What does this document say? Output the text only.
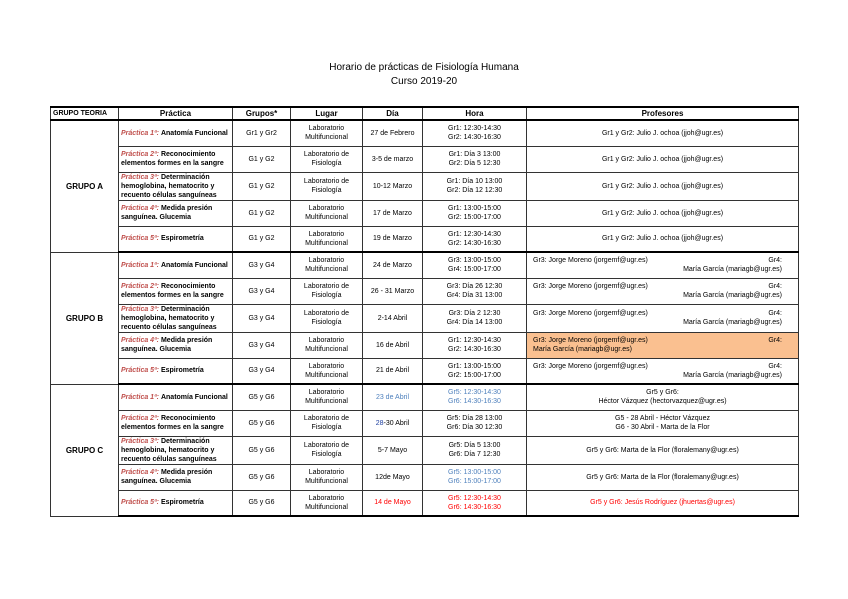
Horario de prácticas de Fisiología Humana
Curso 2019-20
GRUPO TEORIA	Práctica	Grupos*	Lugar	Día	Hora	Profesores
GRUPO A	Práctica 1ª: Anatomía Funcional	Gr1 y Gr2	Laboratorio Multifuncional	27 de Febrero	Gr1: 12:30-14:30
Gr2: 14:30-16:30	Gr1 y Gr2: Julio J. ochoa (jjoh@ugr.es)
	Práctica 2ª: Reconocimiento elementos formes en la sangre	G1 y G2	Laboratorio de Fisiología	3-5 de marzo	Gr1: Día 3 13:00
Gr2: Día 5 12:30	Gr1 y Gr2: Julio J. ochoa (jjoh@ugr.es)
	Práctica 3ª: Determinación hemoglobina, hematocrito y recuento células sanguíneas	G1 y G2	Laboratorio de Fisiología	10-12 Marzo	Gr1: Día 10 13:00
Gr2: Día 12 12:30	Gr1 y Gr2: Julio J. ochoa (jjoh@ugr.es)
	Práctica 4ª: Medida presión sanguínea. Glucemia	G1 y G2	Laboratorio Multifuncional	17 de Marzo	Gr1: 13:00-15:00
Gr2: 15:00-17:00	Gr1 y Gr2: Julio J. ochoa (jjoh@ugr.es)
	Práctica 5ª: Espirometría	G1 y G2	Laboratorio Multifuncional	19 de Marzo	Gr1: 12:30-14:30
Gr2: 14:30-16:30	Gr1 y Gr2: Julio J. ochoa (jjoh@ugr.es)
GRUPO B	Práctica 1ª: Anatomía Funcional	G3 y G4	Laboratorio Multifuncional	24 de Marzo	Gr3: 13:00-15:00
Gr4: 15:00-17:00	Gr3: Jorge Moreno (jorgemf@ugr.es) Gr4:
María García (mariagb@ugr.es)

	Práctica 2ª: Reconocimiento elementos formes en la sangre	G3 y G4	Laboratorio de Fisiología	26 - 31 Marzo	Gr3: Día 26 12:30
Gr4: Día 31 13:00	Gr3: Jorge Moreno (jorgemf@ugr.es) Gr4:
María García (mariagb@ugr.es)

	Práctica 3ª: Determinación hemoglobina, hematocrito y recuento células sanguíneas	G3 y G4	Laboratorio de Fisiología	2-14 Abril	Gr3: Día 2 12:30
Gr4: Día 14 13:00	Gr3: Jorge Moreno (jorgemf@ugr.es) Gr4:
María García (mariagb@ugr.es)

	Práctica 4ª: Medida presión sanguínea. Glucemia	G3 y G4	Laboratorio Multifuncional	16 de Abril	Gr1: 12:30-14:30
Gr2: 14:30-16:30	Gr3: Jorge Moreno (jorgemf@ugr.es) Gr4:
María García (mariagb@ugr.es)

	Práctica 5ª: Espirometría	G3 y G4	Laboratorio Multifuncional	21 de Abril	Gr1: 13:00-15:00
Gr2: 15:00-17:00	Gr3: Jorge Moreno (jorgemf@ugr.es) Gr4:
María García (mariagb@ugr.es)

GRUPO C	Práctica 1ª: Anatomía Funcional	G5 y G6	Laboratorio Multifuncional	23 de Abril	Gr5: 12:30-14:30
Gr6: 14:30-16:30	Gr5 y Gr6:
Héctor Vázquez (hectorvazquez@ugr.es)

	Práctica 2ª: Reconocimiento elementos formes en la sangre	G5 y G6	Laboratorio de Fisiología	28-30 Abril	Gr5: Día 28 13:00
Gr6: Día 30 12:30	G5 - 28 Abril - Héctor Vázquez
G6 - 30 Abril - Marta de la Flor

	Práctica 3ª: Determinación hemoglobina, hematocrito y recuento células sanguíneas	G5 y G6	Laboratorio de Fisiología	5-7 Mayo	Gr5: Día 5 13:00
Gr6: Día 7 12:30	Gr5 y Gr6: Marta de la Flor (floralemany@ugr.es)
	Práctica 4ª: Medida presión sanguínea. Glucemia	G5 y G6	Laboratorio Multifuncional	12de Mayo	Gr5: 13:00-15:00
Gr6: 15:00-17:00	Gr5 y Gr6: Marta de la Flor (floralemany@ugr.es)
	Práctica 5ª: Espirometría	G5 y G6	Laboratorio Multifuncional	14 de Mayo	Gr5: 12:30-14:30
Gr6: 14:30-16:30	Gr5 y Gr6: Jesús Rodríguez (jhuertas@ugr.es)
